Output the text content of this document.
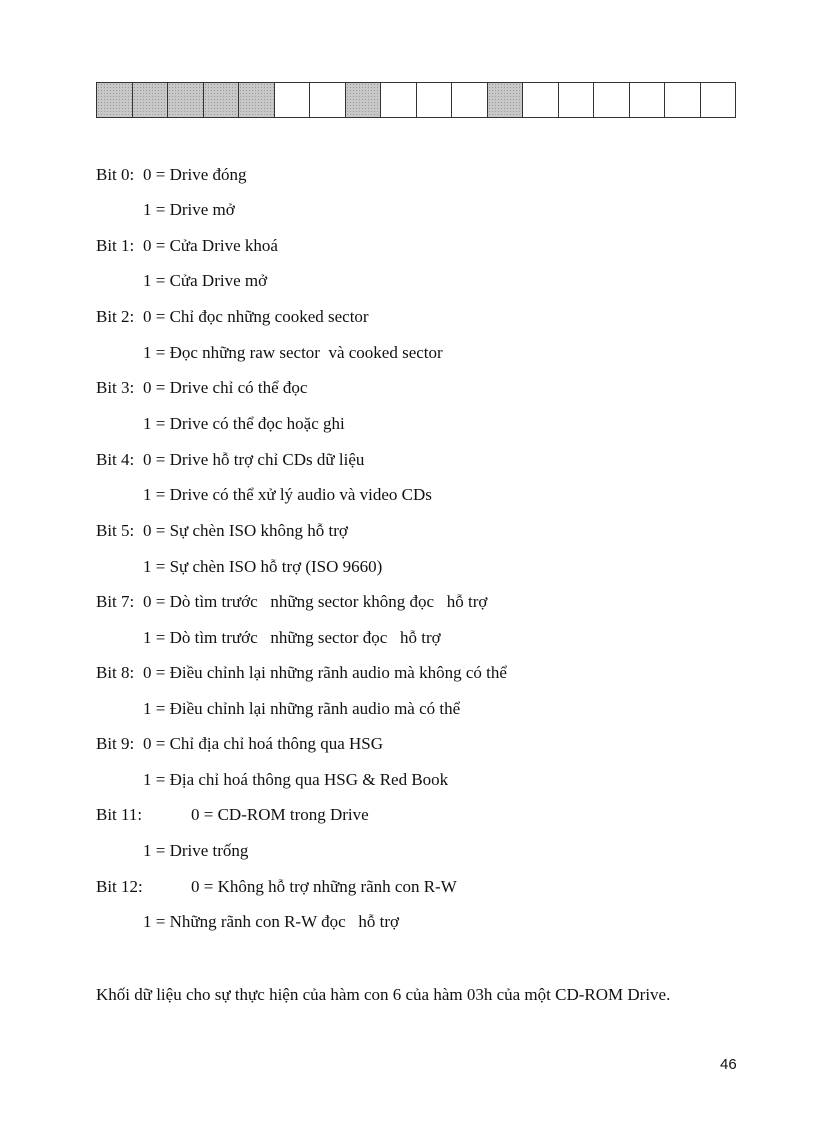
Bit 0: 0 = Drive đóng
1 = Drive mở
Bit 1: 0 = Cửa Drive khoá
1 = Cửa Drive mở
Bit 2: 0 = Chỉ đọc những cooked sector
1 = Đọc những raw sector  và cooked sector
Bit 3: 0 = Drive chỉ có thể đọc
1 = Drive có thể đọc hoặc ghi
Bit 4: 0 = Drive hỗ trợ chỉ CDs dữ liệu
1 = Drive có thể xử lý audio và video CDs
Bit 5: 0 = Sự chèn ISO không hỗ trợ
1 = Sự chèn ISO hỗ trợ (ISO 9660)
Bit 7: 0 = Dò tìm trước   những sector không đọc   hỗ trợ
1 = Dò tìm trước   những sector đọc   hỗ trợ
Bit 8: 0 = Điều chỉnh lại những rãnh audio mà không có thể
1 = Điều chỉnh lại những rãnh audio mà có thể
Bit 9: 0 = Chỉ địa chỉ hoá thông qua HSG
1 = Địa chỉ hoá thông qua HSG & Red Book
Bit 11:	0 = CD-ROM trong Drive
1 = Drive trống
Bit 12:	0 = Không hỗ trợ những rãnh con R-W
1 = Những rãnh con R-W đọc   hỗ trợ
Khối dữ liệu cho sự thực hiện của hàm con 6 của hàm 03h của một CD-ROM Drive.
46
